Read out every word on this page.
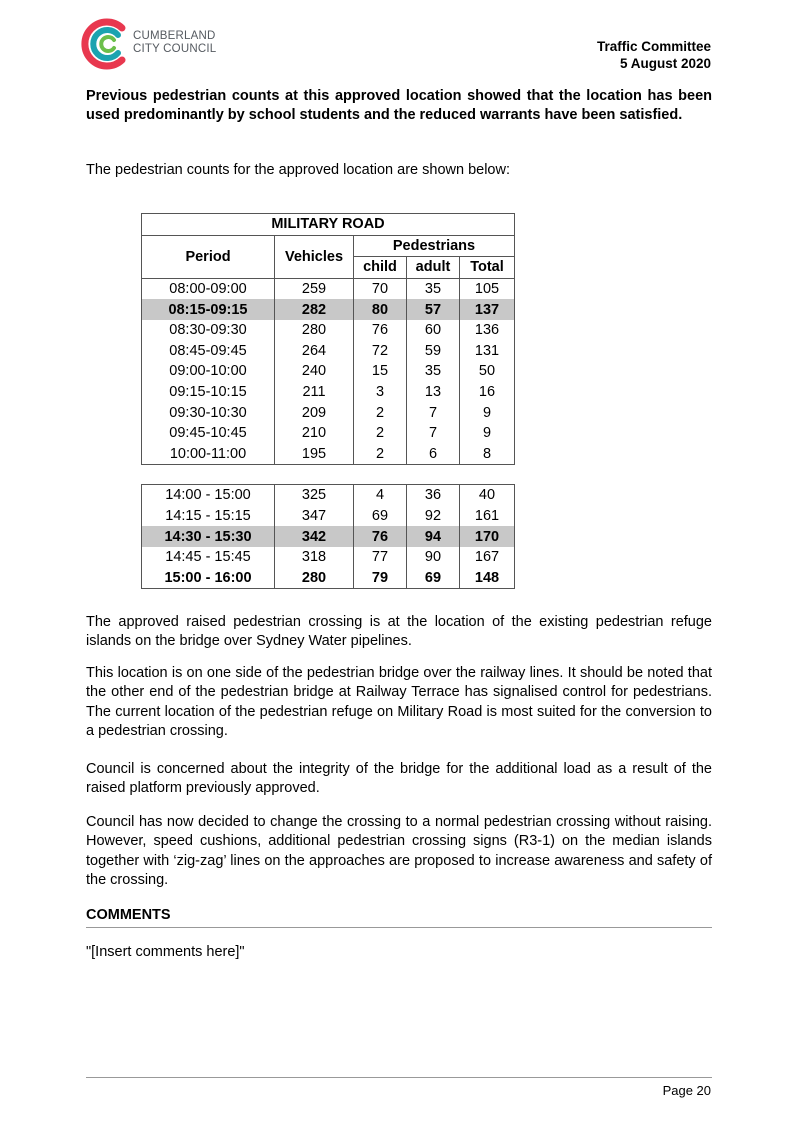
CUMBERLAND
CITY COUNCIL	Traffic Committee
5 August 2020

Previous pedestrian counts at this approved location showed that the location has been used predominantly by school students and the reduced warrants have been satisfied.

The pedestrian counts for the approved location are shown below:

MILITARY ROAD				
Period	Vehicles	Pedestrians		
		child	adult	Total
08:00-09:00	259	70	35	105
08:15-09:15	282	80	57	137
08:30-09:30	280	76	60	136
08:45-09:45	264	72	59	131
09:00-10:00	240	15	35	50
09:15-10:15	211	3	13	16
09:30-10:30	209	2	7	9
09:45-10:45	210	2	7	9
10:00-11:00	195	2	6	8

14:00 - 15:00	325	4	36	40
14:15 - 15:15	347	69	92	161
14:30 - 15:30	342	76	94	170
14:45 - 15:45	318	77	90	167
15:00 - 16:00	280	79	69	148

The approved raised pedestrian crossing is at the location of the existing pedestrian refuge islands on the bridge over Sydney Water pipelines.

This location is on one side of the pedestrian bridge over the railway lines. It should be noted that the other end of the pedestrian bridge at Railway Terrace has signalised control for pedestrians. The current location of the pedestrian refuge on Military Road is most suited for the conversion to a pedestrian crossing.

Council is concerned about the integrity of the bridge for the additional load as a result of the raised platform previously approved.

Council has now decided to change the crossing to a normal pedestrian crossing without raising. However, speed cushions, additional pedestrian crossing signs (R3-1) on the median islands together with ‘zig-zag’ lines on the approaches are proposed to increase awareness and safety of the crossing.

COMMENTS

"[Insert comments here]"

Page 20
